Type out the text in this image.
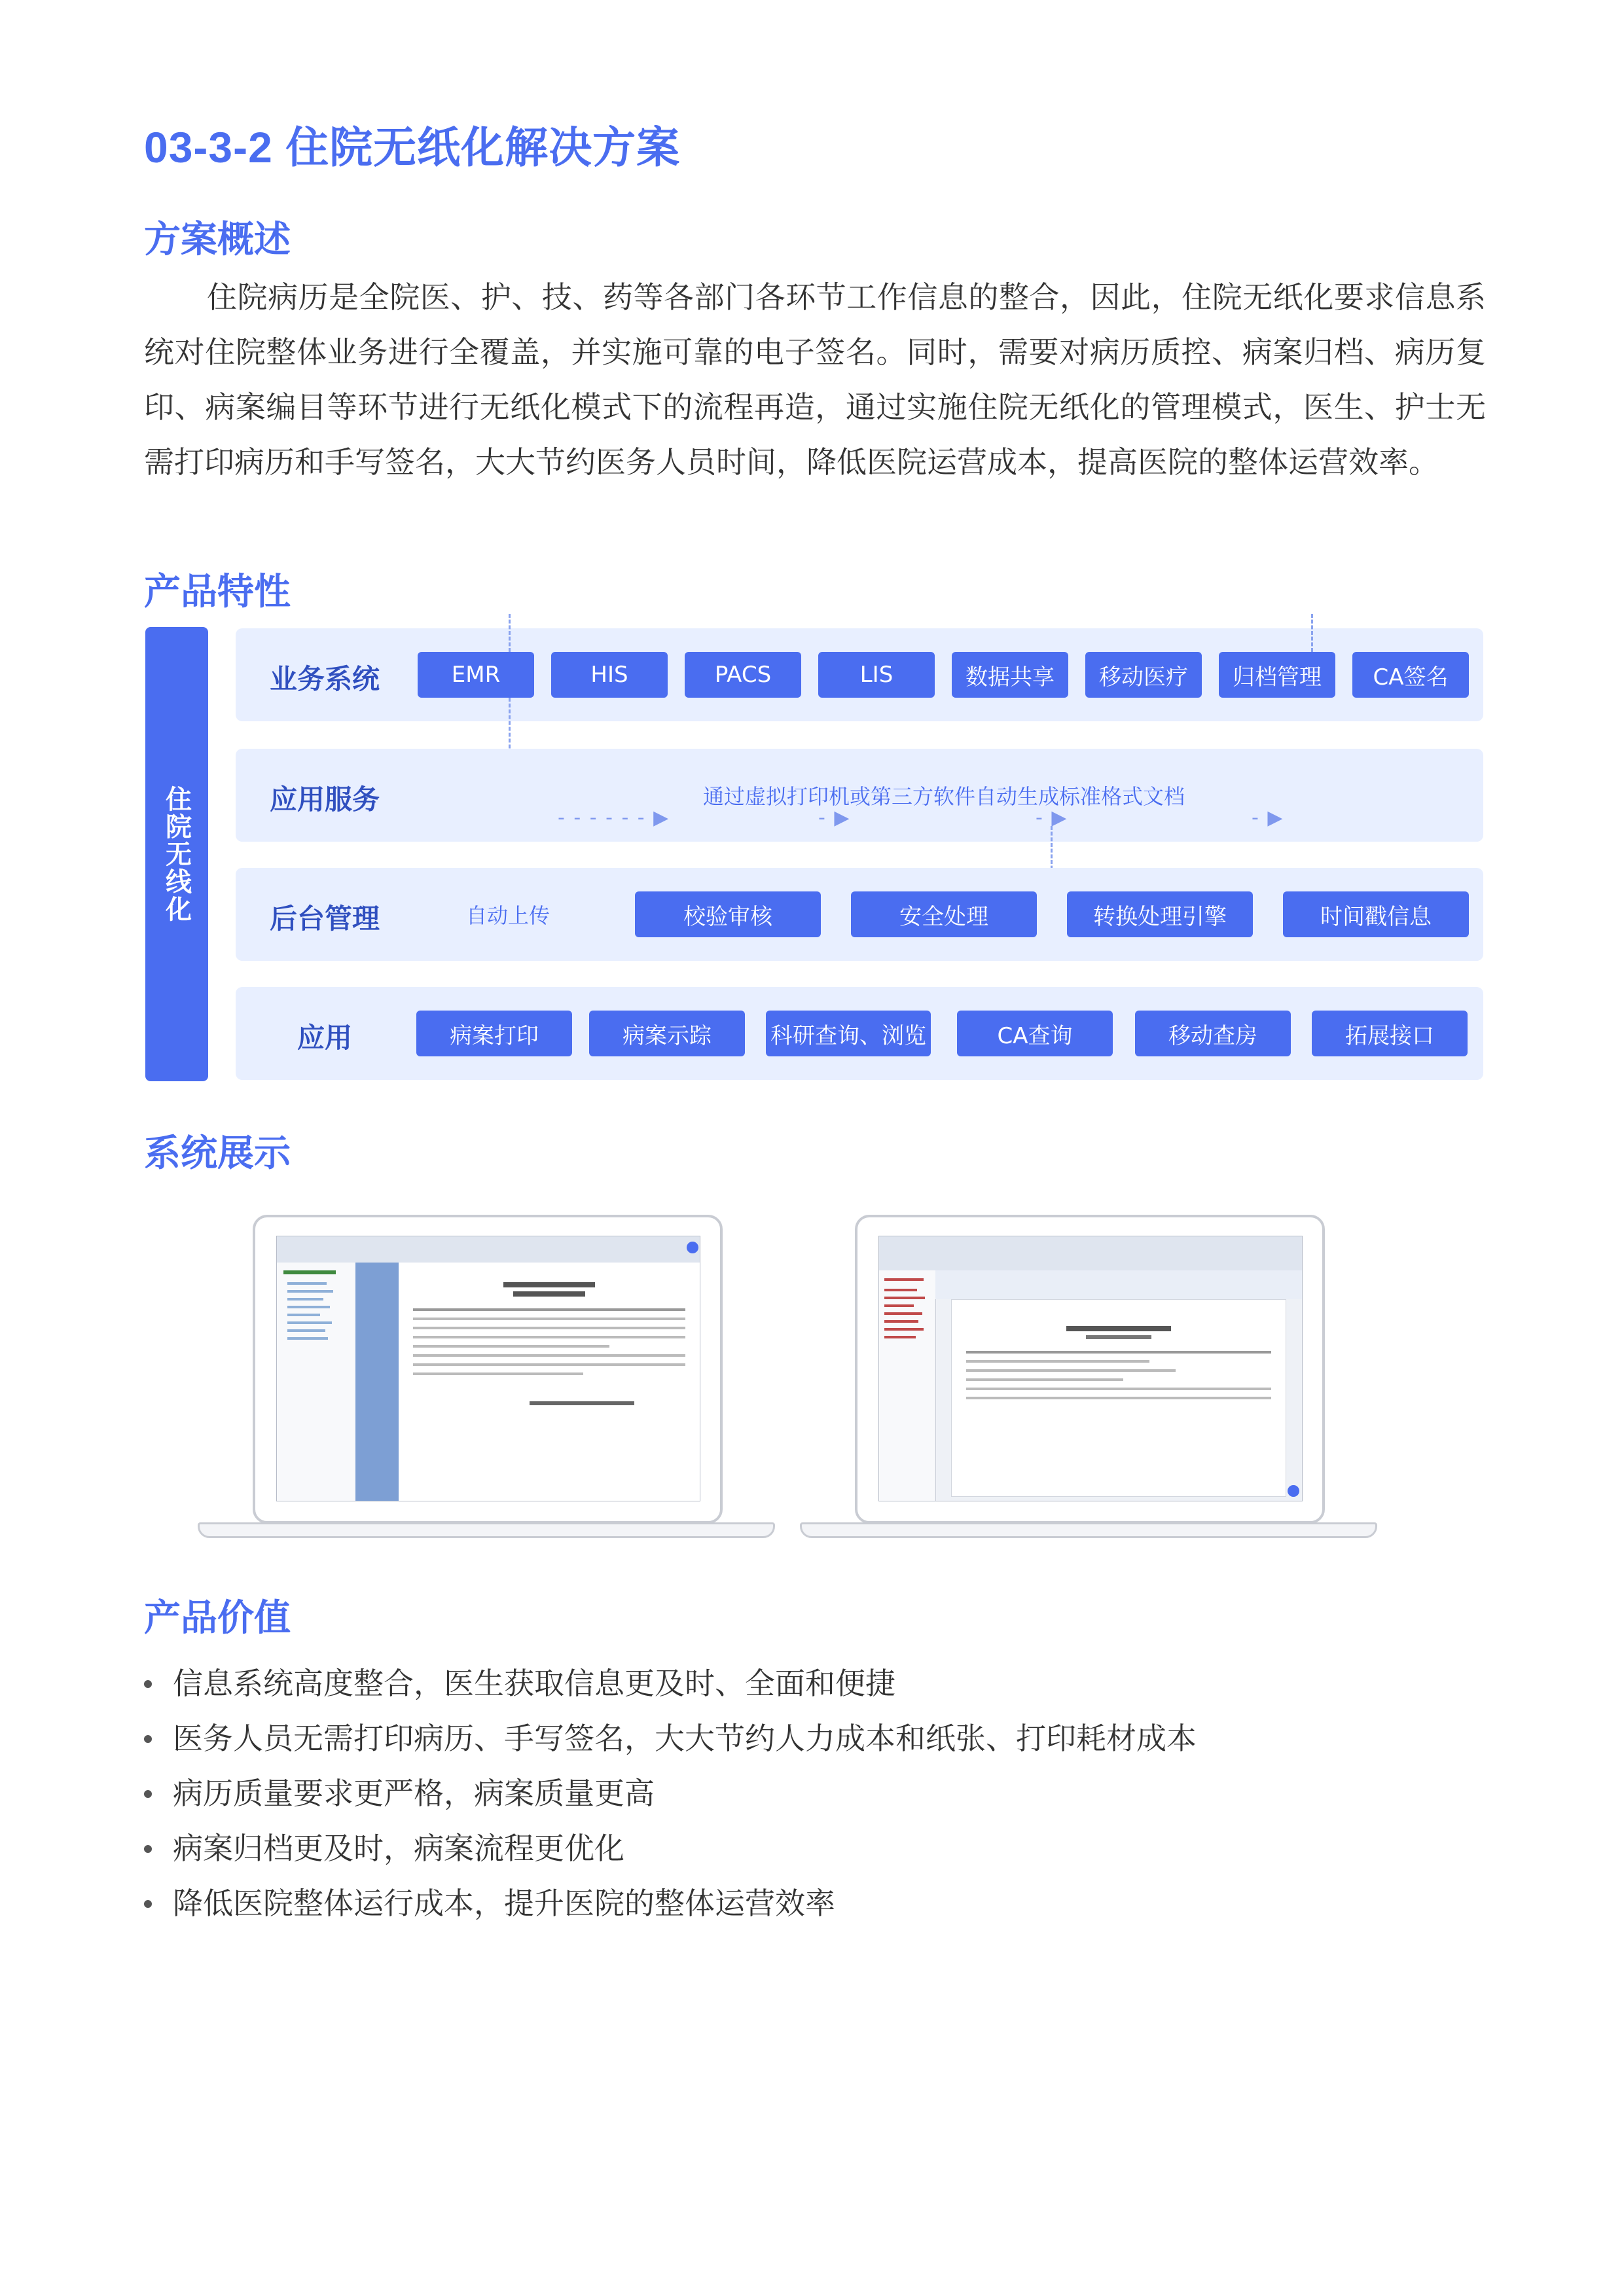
03-3-2 住院无纸化解决方案
方案概述
住院病历是全院医、护、技、药等各部门各环节工作信息的整合，因此，住院无纸化要求信息系统对住院整体业务进行全覆盖，并实施可靠的电子签名。同时，需要对病历质控、病案归档、病历复印、病案编目等环节进行无纸化模式下的流程再造，通过实施住院无纸化的管理模式，医生、护士无需打印病历和手写签名，大大节约医务人员时间，降低医院运营成本，提高医院的整体运营效率。
产品特性
住院无线化
业务系统	EMR	HIS	PACS	LIS	数据共享	移动医疗	归档管理	CA签名
应用服务	通过虚拟打印机或第三方软件自动生成标准格式文档
- - - - - - ▶	- ▶	- ▶	- ▶
后台管理	自动上传	校验审核	安全处理	转换处理引擎	时间戳信息
应用	病案打印	病案示踪	科研查询、浏览	CA查询	移动查房	拓展接口
系统展示
产品价值
信息系统高度整合，医生获取信息更及时、全面和便捷
医务人员无需打印病历、手写签名，大大节约人力成本和纸张、打印耗材成本
病历质量要求更严格，病案质量更高
病案归档更及时，病案流程更优化
降低医院整体运行成本，提升医院的整体运营效率
